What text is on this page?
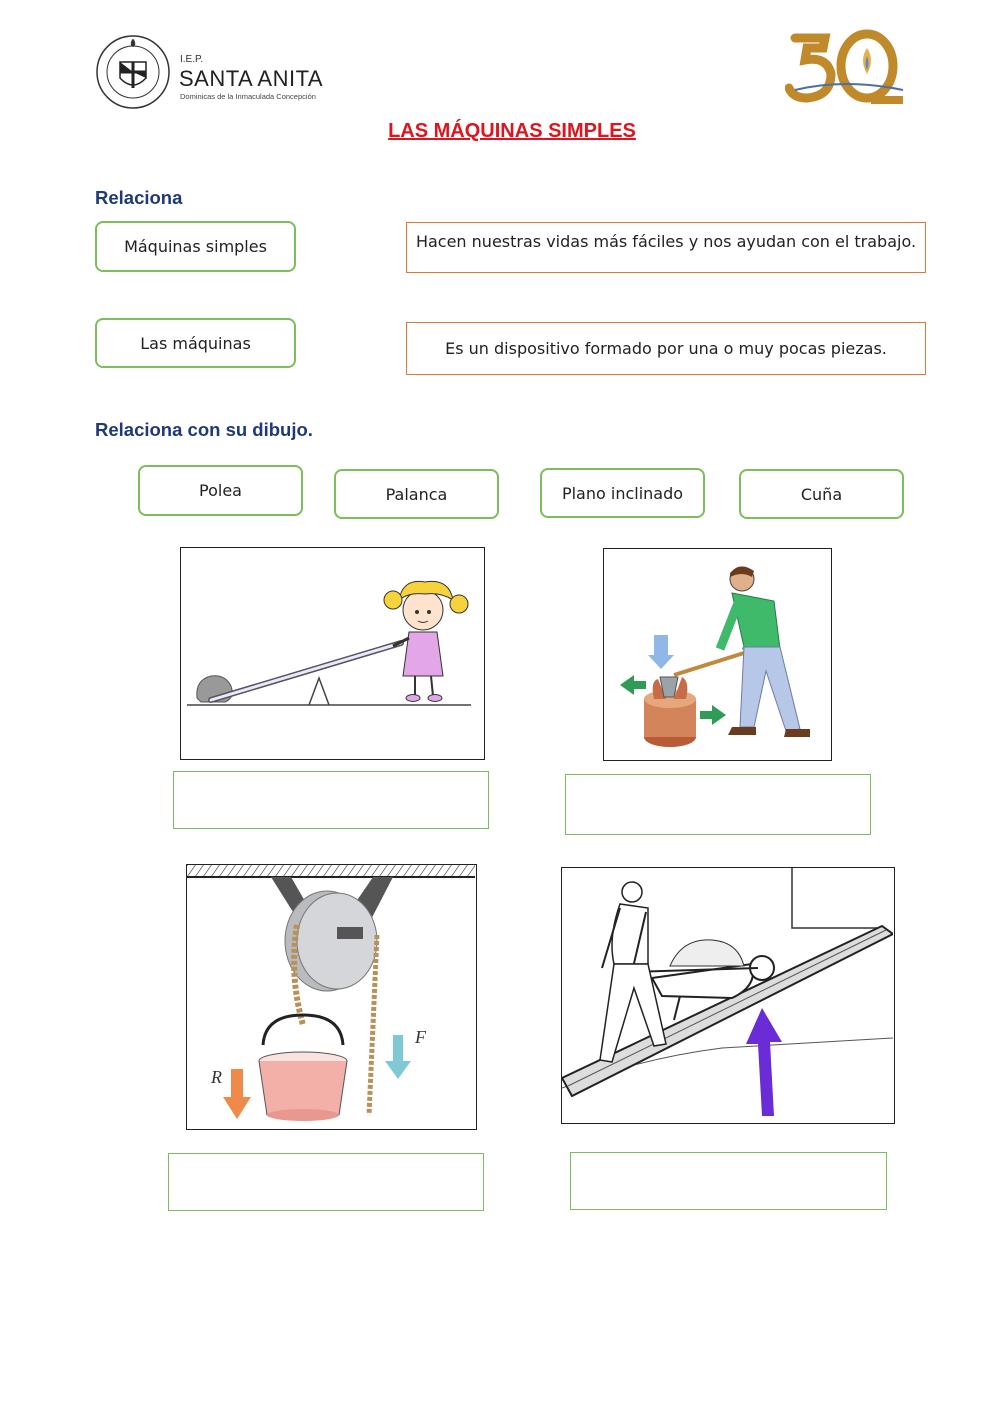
I.E.P.
SANTA ANITA
Dominicas de la Inmaculada Concepción
LAS MÁQUINAS SIMPLES
Relaciona
Máquinas simples
Las máquinas
Hacen nuestras vidas más fáciles y nos ayudan con el trabajo.
Es un dispositivo formado por una o muy pocas piezas.
Relaciona con su dibujo.
Polea	Palanca	Plano inclinado	Cuña
F
R
